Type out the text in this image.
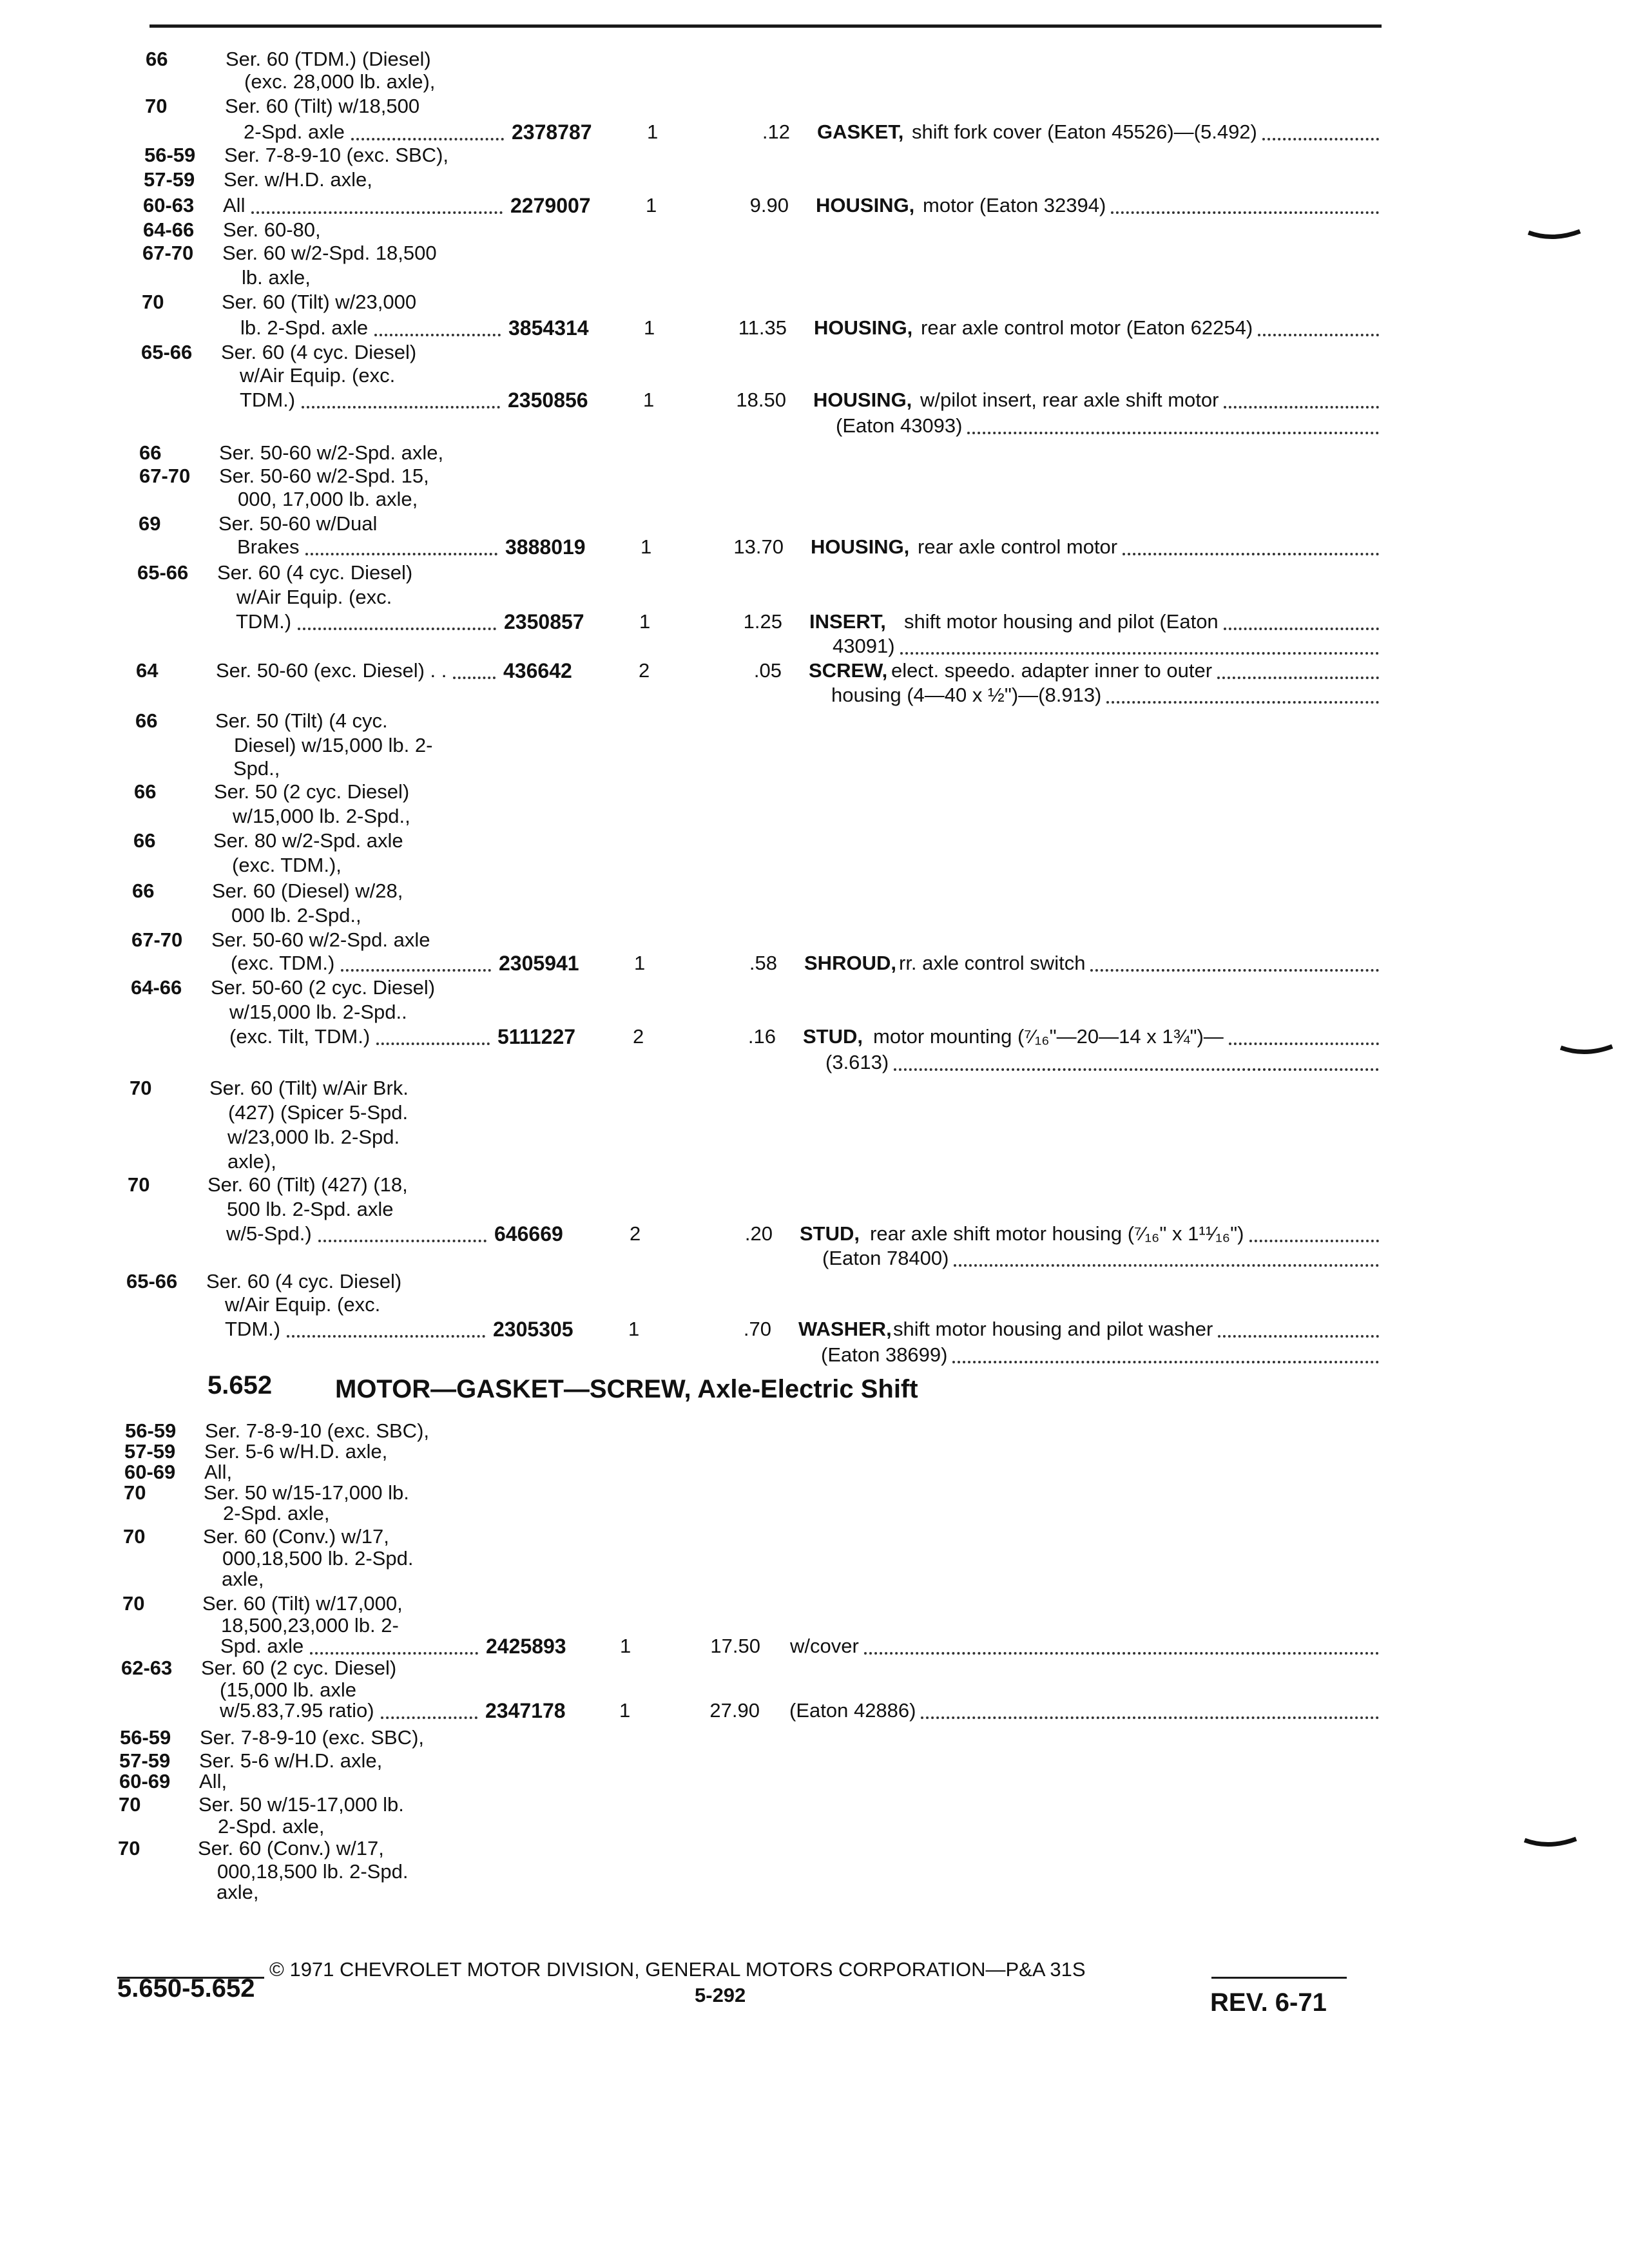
66	Ser. 60 (TDM.) (Diesel)
(exc. 28,000 lb. axle),
70	Ser. 60 (Tilt) w/18,500
2-Spd. axle	2378787	1	.12 GASKET, shift fork cover (Eaton 45526)—(5.492)
56-59 Ser. 7-8-9-10 (exc. SBC),
57-59 Ser. w/H.D. axle,
60-63 All	2279007	1	9.90 HOUSING, motor (Eaton 32394)
64-66 Ser. 60-80,
67-70 Ser. 60 w/2-Spd. 18,500
lb. axle,
70	Ser. 60 (Tilt) w/23,000
lb. 2-Spd. axle	3854314	1	11.35 HOUSING, rear axle control motor (Eaton 62254)
65-66 Ser. 60 (4 cyc. Diesel)
w/Air Equip. (exc.
TDM.)	2350856	1	18.50 HOUSING, w/pilot insert, rear axle shift motor
(Eaton 43093)
66	Ser. 50-60 w/2-Spd. axle,
67-70 Ser. 50-60 w/2-Spd. 15,
000, 17,000 lb. axle,
69	Ser. 50-60 w/Dual
Brakes	3888019	1	13.70 HOUSING, rear axle control motor
65-66 Ser. 60 (4 cyc. Diesel)
w/Air Equip. (exc.
TDM.)	2350857	1	1.25 INSERT, shift motor housing and pilot (Eaton
43091)
64	Ser. 50-60 (exc. Diesel) . .	436642	2	.05 SCREW, elect. speedo. adapter inner to outer
housing (4—40 x ½")—(8.913)
66	Ser. 50 (Tilt) (4 cyc.
Diesel) w/15,000 lb. 2-
Spd.,
66	Ser. 50 (2 cyc. Diesel)
w/15,000 lb. 2-Spd.,
66	Ser. 80 w/2-Spd. axle
(exc. TDM.),
66	Ser. 60 (Diesel) w/28,
000 lb. 2-Spd.,
67-70 Ser. 50-60 w/2-Spd. axle
(exc. TDM.)	2305941	1	.58 SHROUD, rr. axle control switch
64-66 Ser. 50-60 (2 cyc. Diesel)
w/15,000 lb. 2-Spd..
(exc. Tilt, TDM.)	5111227	2	.16 STUD, motor mounting (⁷⁄₁₆"—20—14 x 1¾")—
(3.613)
70	Ser. 60 (Tilt) w/Air Brk.
(427) (Spicer 5-Spd.
w/23,000 lb. 2-Spd.
axle),
70	Ser. 60 (Tilt) (427) (18,
500 lb. 2-Spd. axle
w/5-Spd.)	646669	2	.20 STUD, rear axle shift motor housing (⁷⁄₁₆" x 1¹¹⁄₁₆")
(Eaton 78400)
65-66 Ser. 60 (4 cyc. Diesel)
w/Air Equip. (exc.
TDM.)	2305305	1	.70 WASHER, shift motor housing and pilot washer
(Eaton 38699)
5.652 MOTOR—GASKET—SCREW, Axle-Electric Shift
56-59 Ser. 7-8-9-10 (exc. SBC),
57-59 Ser. 5-6 w/H.D. axle,
60-69 All,
70	Ser. 50 w/15-17,000 lb.
2-Spd. axle,
70	Ser. 60 (Conv.) w/17,
000,18,500 lb. 2-Spd.
axle,
70	Ser. 60 (Tilt) w/17,000,
18,500,23,000 lb. 2-
Spd. axle	2425893	1	17.50 w/cover
62-63 Ser. 60 (2 cyc. Diesel)
(15,000 lb. axle
w/5.83,7.95 ratio)	2347178	1	27.90 (Eaton 42886)
56-59 Ser. 7-8-9-10 (exc. SBC),
57-59 Ser. 5-6 w/H.D. axle,
60-69 All,
70	Ser. 50 w/15-17,000 lb.
2-Spd. axle,
70	Ser. 60 (Conv.) w/17,
000,18,500 lb. 2-Spd.
axle,
© 1971 CHEVROLET MOTOR DIVISION, GENERAL MOTORS CORPORATION—P&A 31S
5.650-5.652	5-292	REV. 6-71
